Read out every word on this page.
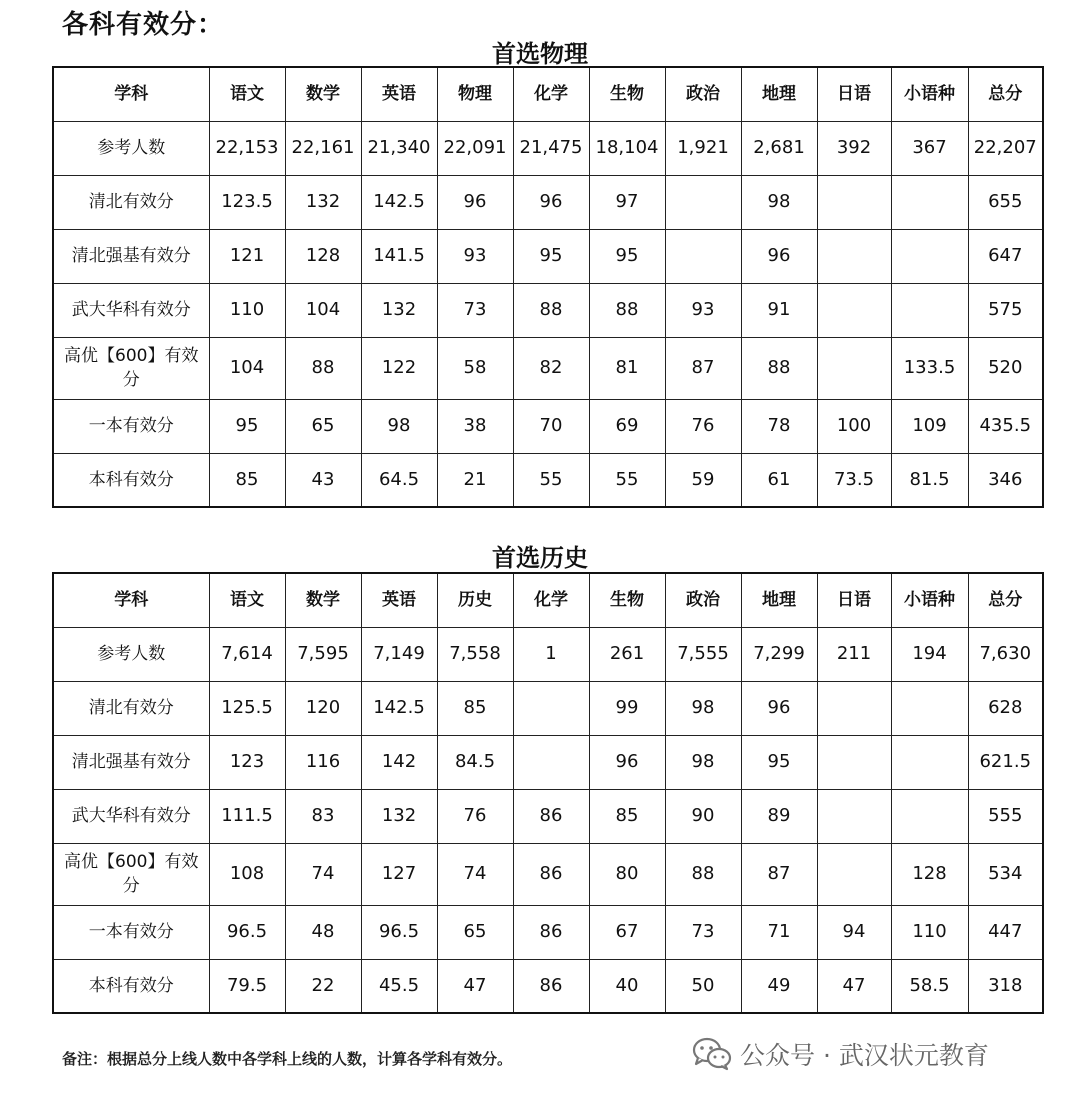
各科有效分：
首选物理
学科	语文	数学	英语	物理	化学	生物	政治	地理	日语	小语种	总分
参考人数	22,153	22,161	21,340	22,091	21,475	18,104	1,921	2,681	392	367	22,207
清北有效分	123.5	132	142.5	96	96	97		98			655
清北强基有效分	121	128	141.5	93	95	95		96			647
武大华科有效分	110	104	132	73	88	88	93	91			575
高优【600】有效分	104	88	122	58	82	81	87	88		133.5	520
一本有效分	95	65	98	38	70	69	76	78	100	109	435.5
本科有效分	85	43	64.5	21	55	55	59	61	73.5	81.5	346
首选历史
学科	语文	数学	英语	历史	化学	生物	政治	地理	日语	小语种	总分
参考人数	7,614	7,595	7,149	7,558	1	261	7,555	7,299	211	194	7,630
清北有效分	125.5	120	142.5	85		99	98	96			628
清北强基有效分	123	116	142	84.5		96	98	95			621.5
武大华科有效分	111.5	83	132	76	86	85	90	89			555
高优【600】有效分	108	74	127	74	86	80	88	87		128	534
一本有效分	96.5	48	96.5	65	86	67	73	71	94	110	447
本科有效分	79.5	22	45.5	47	86	40	50	49	47	58.5	318
备注：根据总分上线人数中各学科上线的人数，计算各学科有效分。	公众号 · 武汉状元教育
